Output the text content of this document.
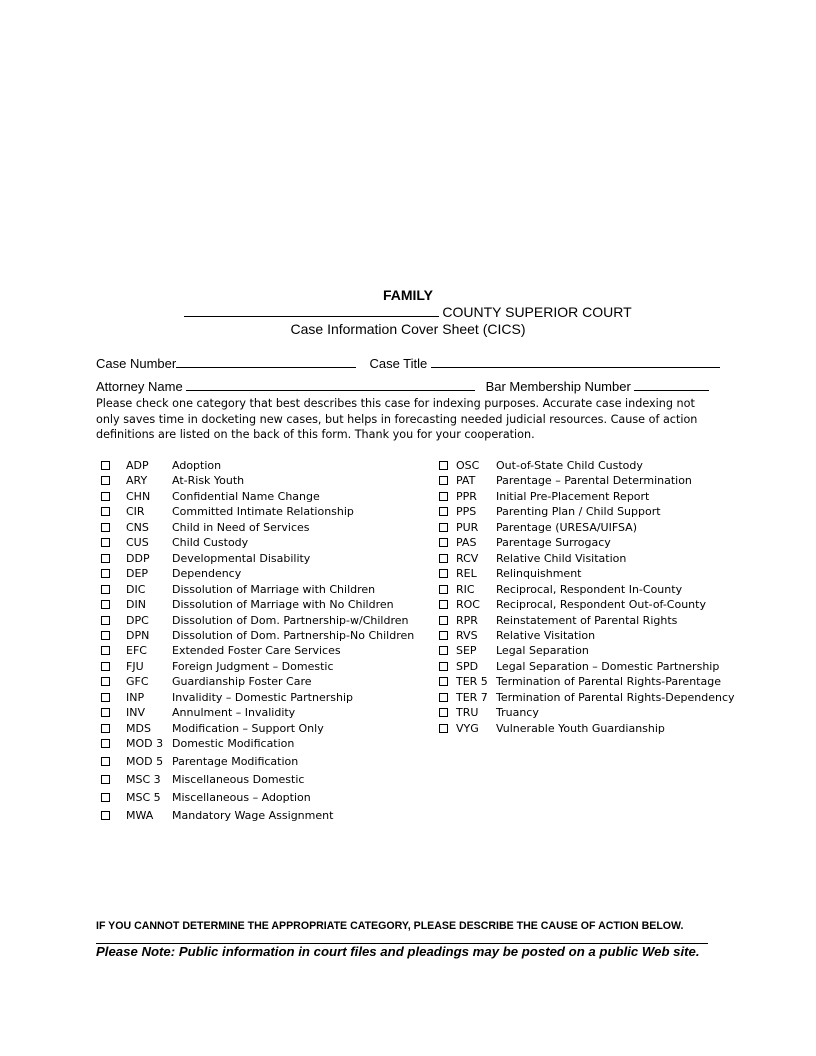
FAMILY
COUNTY SUPERIOR COURT
Case Information Cover Sheet (CICS)
Case Number	Case Title
Attorney Name	Bar Membership Number
Please check one category that best describes this case for indexing purposes. Accurate case indexing not only saves time in docketing new cases, but helps in forecasting needed judicial resources. Cause of action definitions are listed on the back of this form. Thank you for your cooperation.
ADP Adoption
ARY At-Risk Youth
CHN Confidential Name Change
CIR Committed Intimate Relationship
CNS Child in Need of Services
CUS Child Custody
DDP Developmental Disability
DEP Dependency
DIC Dissolution of Marriage with Children
DIN Dissolution of Marriage with No Children
DPC Dissolution of Dom. Partnership-w/Children
DPN Dissolution of Dom. Partnership-No Children
EFC Extended Foster Care Services
FJU	Foreign Judgment – Domestic
GFC Guardianship Foster Care
INP	Invalidity – Domestic Partnership
INV Annulment – Invalidity
MDS Modification – Support Only
MOD 3 Domestic Modification
MOD 5 Parentage Modification
MSC 3 Miscellaneous Domestic
MSC 5 Miscellaneous – Adoption
MWA Mandatory Wage Assignment
OSC Out-of-State Child Custody
PAT Parentage – Parental Determination
PPR Initial Pre-Placement Report
PPS Parenting Plan / Child Support
PUR Parentage (URESA/UIFSA)
PAS Parentage Surrogacy
RCV Relative Child Visitation
REL Relinquishment
RIC Reciprocal, Respondent In-County
ROC Reciprocal, Respondent Out-of-County
RPR Reinstatement of Parental Rights
RVS Relative Visitation
SEP Legal Separation
SPD Legal Separation – Domestic Partnership
TER 5 Termination of Parental Rights-Parentage
TER 7 Termination of Parental Rights-Dependency
TRU Truancy
VYG Vulnerable Youth Guardianship
IF YOU CANNOT DETERMINE THE APPROPRIATE CATEGORY, PLEASE DESCRIBE THE CAUSE OF ACTION BELOW.
Please Note: Public information in court files and pleadings may be posted on a public Web site.
